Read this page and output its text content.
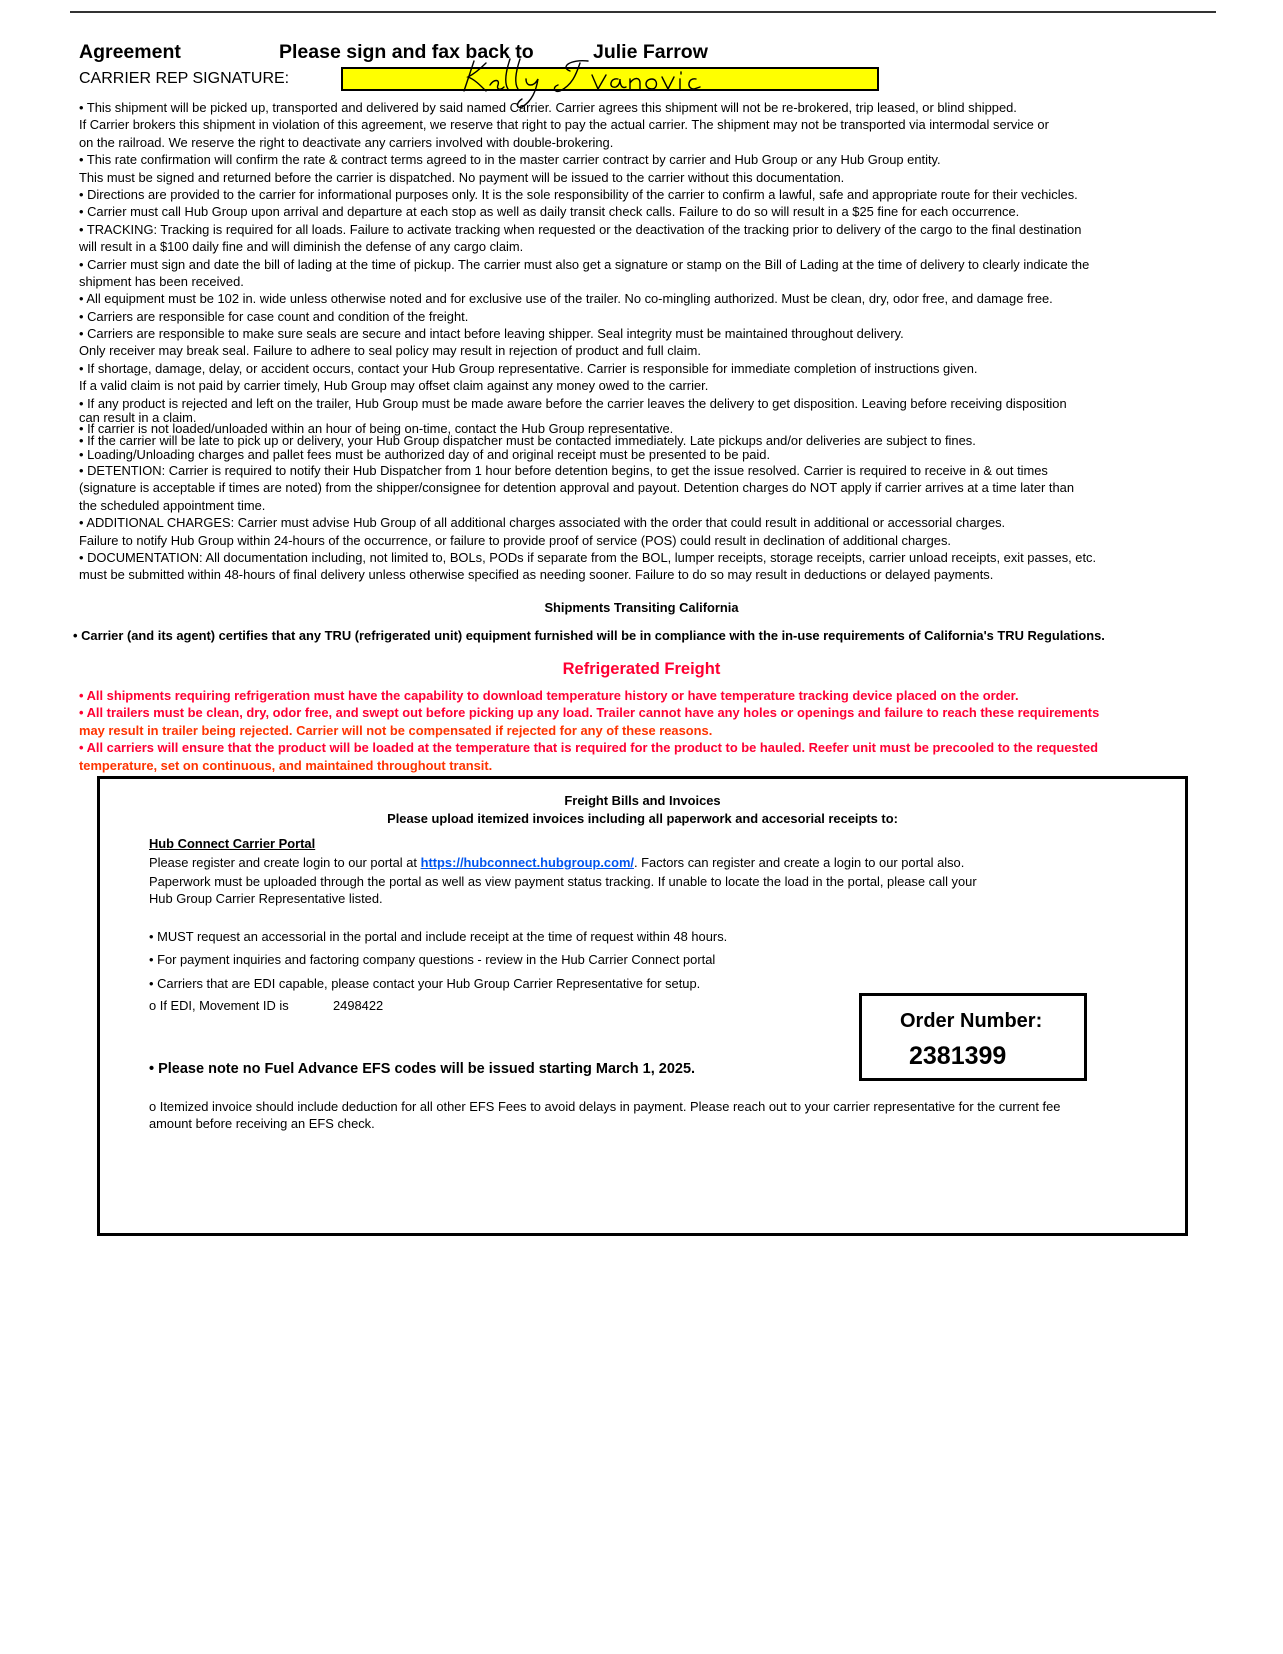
Agreement	Please sign and fax back to	Julie Farrow
CARRIER REP SIGNATURE:
• This shipment will be picked up, transported and delivered by said named Carrier. Carrier agrees this shipment will not be re-brokered, trip leased, or blind shipped.
If Carrier brokers this shipment in violation of this agreement, we reserve that right to pay the actual carrier. The shipment may not be transported via intermodal service or
on the railroad. We reserve the right to deactivate any carriers involved with double-brokering.
• This rate confirmation will confirm the rate & contract terms agreed to in the master carrier contract by carrier and Hub Group or any Hub Group entity.
This must be signed and returned before the carrier is dispatched. No payment will be issued to the carrier without this documentation.
• Directions are provided to the carrier for informational purposes only. It is the sole responsibility of the carrier to confirm a lawful, safe and appropriate route for their vechicles.
• Carrier must call Hub Group upon arrival and departure at each stop as well as daily transit check calls. Failure to do so will result in a $25 fine for each occurrence.
• TRACKING: Tracking is required for all loads. Failure to activate tracking when requested or the deactivation of the tracking prior to delivery of the cargo to the final destination
will result in a $100 daily fine and will diminish the defense of any cargo claim.
• Carrier must sign and date the bill of lading at the time of pickup. The carrier must also get a signature or stamp on the Bill of Lading at the time of delivery to clearly indicate the
shipment has been received.
• All equipment must be 102 in. wide unless otherwise noted and for exclusive use of the trailer. No co-mingling authorized. Must be clean, dry, odor free, and damage free.
• Carriers are responsible for case count and condition of the freight.
• Carriers are responsible to make sure seals are secure and intact before leaving shipper. Seal integrity must be maintained throughout delivery.
Only receiver may break seal. Failure to adhere to seal policy may result in rejection of product and full claim.
• If shortage, damage, delay, or accident occurs, contact your Hub Group representative. Carrier is responsible for immediate completion of instructions given.
If a valid claim is not paid by carrier timely, Hub Group may offset claim against any money owed to the carrier.
• If any product is rejected and left on the trailer, Hub Group must be made aware before the carrier leaves the delivery to get disposition. Leaving before receiving disposition
can result in a claim.
• If carrier is not loaded/unloaded within an hour of being on-time, contact the Hub Group representative.
• If the carrier will be late to pick up or delivery, your Hub Group dispatcher must be contacted immediately. Late pickups and/or deliveries are subject to fines.
• Loading/Unloading charges and pallet fees must be authorized day of and original receipt must be presented to be paid.
• DETENTION: Carrier is required to notify their Hub Dispatcher from 1 hour before detention begins, to get the issue resolved. Carrier is required to receive in & out times
(signature is acceptable if times are noted) from the shipper/consignee for detention approval and payout. Detention charges do NOT apply if carrier arrives at a time later than
the scheduled appointment time.
• ADDITIONAL CHARGES: Carrier must advise Hub Group of all additional charges associated with the order that could result in additional or accessorial charges.
Failure to notify Hub Group within 24-hours of the occurrence, or failure to provide proof of service (POS) could result in declination of additional charges.
• DOCUMENTATION: All documentation including, not limited to, BOLs, PODs if separate from the BOL, lumper receipts, storage receipts, carrier unload receipts, exit passes, etc.
must be submitted within 48-hours of final delivery unless otherwise specified as needing sooner. Failure to do so may result in deductions or delayed payments.
Shipments Transiting California
• Carrier (and its agent) certifies that any TRU (refrigerated unit) equipment furnished will be in compliance with the in-use requirements of California's TRU Regulations.
Refrigerated Freight
• All shipments requiring refrigeration must have the capability to download temperature history or have temperature tracking device placed on the order.
• All trailers must be clean, dry, odor free, and swept out before picking up any load. Trailer cannot have any holes or openings and failure to reach these requirements
may result in trailer being rejected. Carrier will not be compensated if rejected for any of these reasons.
• All carriers will ensure that the product will be loaded at the temperature that is required for the product to be hauled. Reefer unit must be precooled to the requested
temperature, set on continuous, and maintained throughout transit.
Freight Bills and Invoices
Please upload itemized invoices including all paperwork and accesorial receipts to:
Hub Connect Carrier Portal
Please register and create login to our portal at https://hubconnect.hubgroup.com/. Factors can register and create a login to our portal also.
Paperwork must be uploaded through the portal as well as view payment status tracking. If unable to locate the load in the portal, please call your
Hub Group Carrier Representative listed.
• MUST request an accessorial in the portal and include receipt at the time of request within 48 hours.
• For payment inquiries and factoring company questions - review in the Hub Carrier Connect portal
• Carriers that are EDI capable, please contact your Hub Group Carrier Representative for setup.
o If EDI, Movement ID is	2498422
• Please note no Fuel Advance EFS codes will be issued starting March 1, 2025.
o Itemized invoice should include deduction for all other EFS Fees to avoid delays in payment. Please reach out to your carrier representative for the current fee
amount before receiving an EFS check.
Order Number:
2381399
